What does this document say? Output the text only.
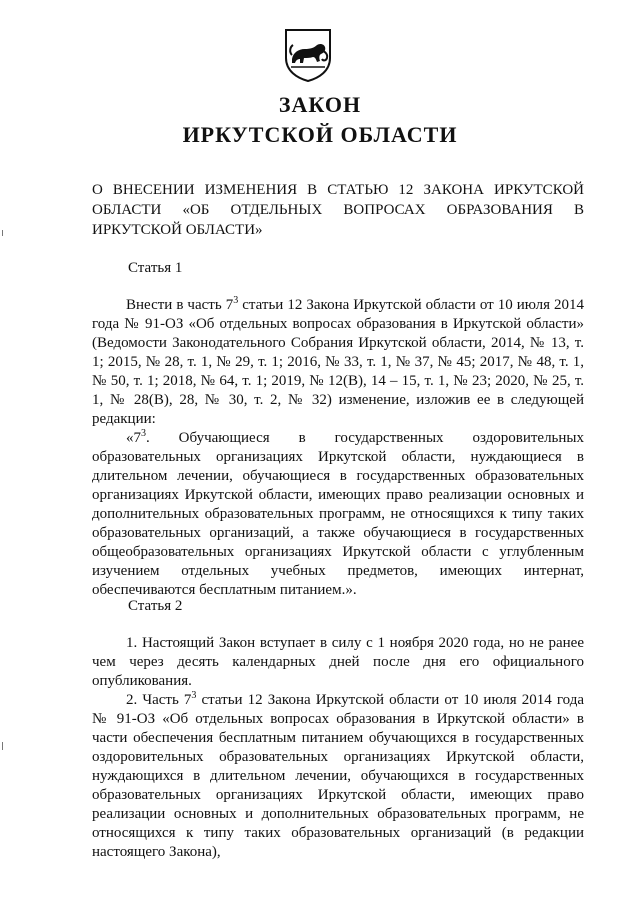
ЗАКОН
ИРКУТСКОЙ ОБЛАСТИ
О ВНЕСЕНИИ ИЗМЕНЕНИЯ В СТАТЬЮ 12 ЗАКОНА ИРКУТСКОЙ ОБЛАСТИ «ОБ ОТДЕЛЬНЫХ ВОПРОСАХ ОБРАЗОВАНИЯ В ИРКУТСКОЙ ОБЛАСТИ»
Статья 1

Внести в часть $7^3$ статьи 12 Закона Иркутской области от 10 июля 2014 года № 91-ОЗ «Об отдельных вопросах образования в Иркутской области» (Ведомости Законодательного Собрания Иркутской области, 2014, № 13, т. 1; 2015, № 28, т. 1, № 29, т. 1; 2016, № 33, т. 1, № 37, № 45; 2017, № 48, т. 1, № 50, т. 1; 2018, № 64, т. 1; 2019, № 12(В), 14 – 15, т. 1, № 23; 2020, № 25, т. 1, № 28(В), 28, № 30, т. 2, № 32) изменение, изложив ее в следующей редакции:

«$7^3$. Обучающиеся в государственных оздоровительных образовательных организациях Иркутской области, нуждающиеся в длительном лечении, обучающиеся в государственных образовательных организациях Иркутской области, имеющих право реализации основных и дополнительных образовательных программ, не относящихся к типу таких образовательных организаций, а также обучающиеся в государственных общеобразовательных организациях Иркутской области с углубленным изучением отдельных учебных предметов, имеющих интернат, обеспечиваются бесплатным питанием.».

Статья 2

1. Настоящий Закон вступает в силу с 1 ноября 2020 года, но не ранее чем через десять календарных дней после дня его официального опубликования.

2. Часть $7^3$ статьи 12 Закона Иркутской области от 10 июля 2014 года № 91-ОЗ «Об отдельных вопросах образования в Иркутской области» в части обеспечения бесплатным питанием обучающихся в государственных оздоровительных образовательных организациях Иркутской области, нуждающихся в длительном лечении, обучающихся в государственных образовательных организациях Иркутской области, имеющих право реализации основных и дополнительных образовательных программ, не относящихся к типу таких образовательных организаций (в редакции настоящего Закона),
